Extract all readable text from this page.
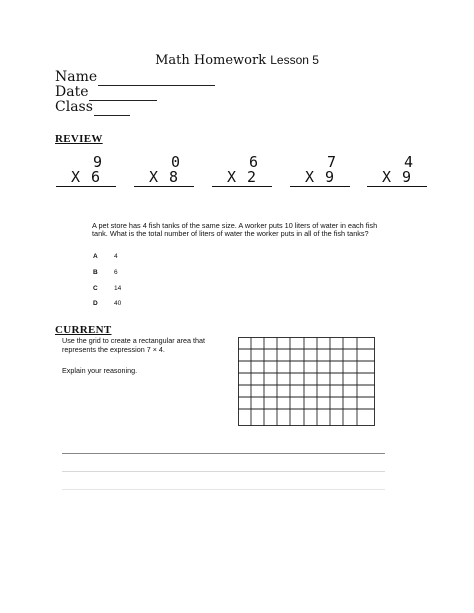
Math Homework Lesson 5
Name
Date
Class
REVIEW
9
X 6
0
X 8
6
X 2
7
X 9
4
X 9
A pet store has 4 fish tanks of the same size. A worker puts 10 liters of water in each fish tank. What is the total number of liters of water the worker puts in all of the fish tanks?
A	4
B	6
C	14
D	40
CURRENT
Use the grid to create a rectangular area that
represents the expression 7 × 4.
Explain your reasoning.
